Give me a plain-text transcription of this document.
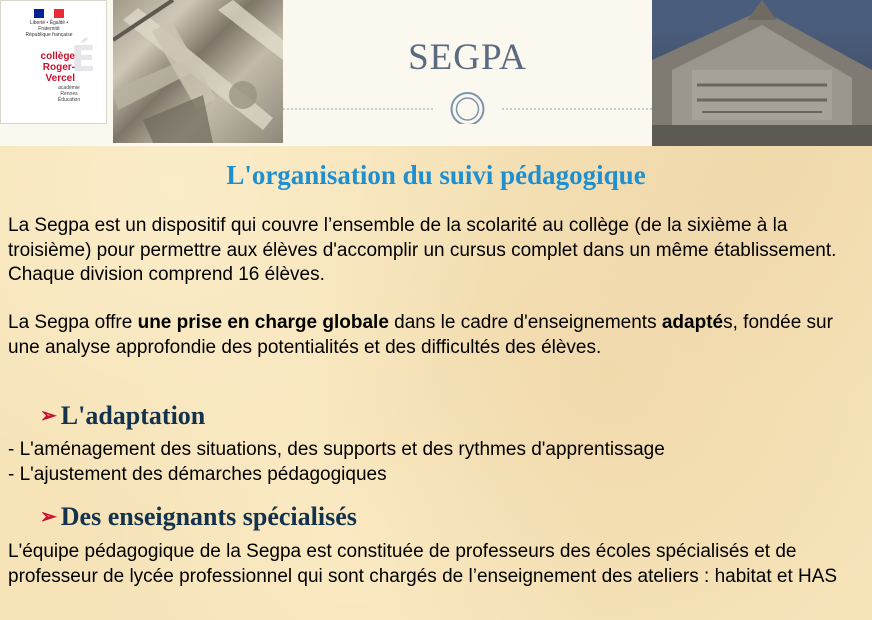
Liberté • Égalité • Fraternité
République française
É
collège
Roger-Vercel
académie
Rennes
Éducation
SEGPA
L'organisation du suivi pédagogique

La Segpa est un dispositif qui couvre l’ensemble de la scolarité au collège (de la sixième à la troisième) pour permettre aux élèves d'accomplir un cursus complet dans un même établissement. Chaque division comprend 16 élèves.

La Segpa offre une prise en charge globale dans le cadre d'enseignements adaptés, fondée sur une analyse approfondie des potentialités et des difficultés des élèves.

➢ L'adaptation
- L'aménagement des situations, des supports et des rythmes d'apprentissage
- L'ajustement des démarches pédagogiques
➢ Des enseignants spécialisés

L'équipe pédagogique de la Segpa est constituée de professeurs des écoles spécialisés et de professeur de lycée professionnel qui sont chargés de l’enseignement des ateliers : habitat et HAS
